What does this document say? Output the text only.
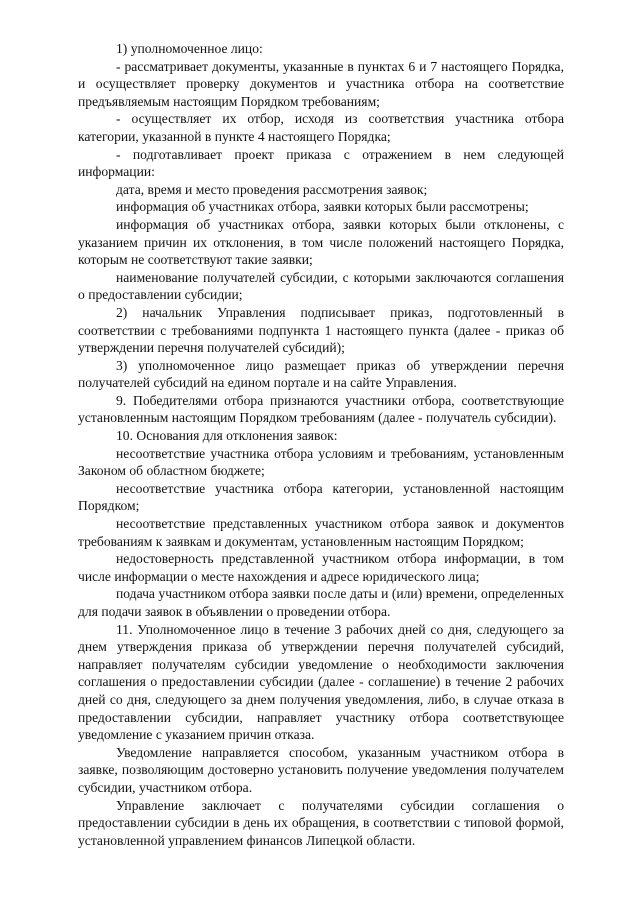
1) уполномоченное лицо:

- рассматривает документы, указанные в пунктах 6 и 7 настоящего Порядка, и осуществляет проверку документов и участника отбора на соответствие предъявляемым настоящим Порядком требованиям;

- осуществляет их отбор, исходя из соответствия участника отбора категории, указанной в пункте 4 настоящего Порядка;

- подготавливает проект приказа с отражением в нем следующей информации:

дата, время и место проведения рассмотрения заявок;

информация об участниках отбора, заявки которых были рассмотрены;

информация об участниках отбора, заявки которых были отклонены, с указанием причин их отклонения, в том числе положений настоящего Порядка, которым не соответствуют такие заявки;

наименование получателей субсидии, с которыми заключаются соглашения о предоставлении субсидии;

2) начальник Управления подписывает приказ, подготовленный в соответствии с требованиями подпункта 1 настоящего пункта (далее - приказ об утверждении перечня получателей субсидий);

3) уполномоченное лицо размещает приказ об утверждении перечня получателей субсидий на едином портале и на сайте Управления.

9. Победителями отбора признаются участники отбора, соответствующие установленным настоящим Порядком требованиям (далее - получатель субсидии).

10. Основания для отклонения заявок:

несоответствие участника отбора условиям и требованиям, установленным Законом об областном бюджете;

несоответствие участника отбора категории, установленной настоящим Порядком;

несоответствие представленных участником отбора заявок и документов требованиям к заявкам и документам, установленным настоящим Порядком;

недостоверность представленной участником отбора информации, в том числе информации о месте нахождения и адресе юридического лица;

подача участником отбора заявки после даты и (или) времени, определенных для подачи заявок в объявлении о проведении отбора.

11. Уполномоченное лицо в течение 3 рабочих дней со дня, следующего за днем утверждения приказа об утверждении перечня получателей субсидий, направляет получателям субсидии уведомление о необходимости заключения соглашения о предоставлении субсидии (далее - соглашение) в течение 2 рабочих дней со дня, следующего за днем получения уведомления, либо, в случае отказа в предоставлении субсидии, направляет участнику отбора соответствующее уведомление с указанием причин отказа.

Уведомление направляется способом, указанным участником отбора в заявке, позволяющим достоверно установить получение уведомления получателем субсидии, участником отбора.

Управление заключает с получателями субсидии соглашения о предоставлении субсидии в день их обращения, в соответствии с типовой формой, установленной управлением финансов Липецкой области.
